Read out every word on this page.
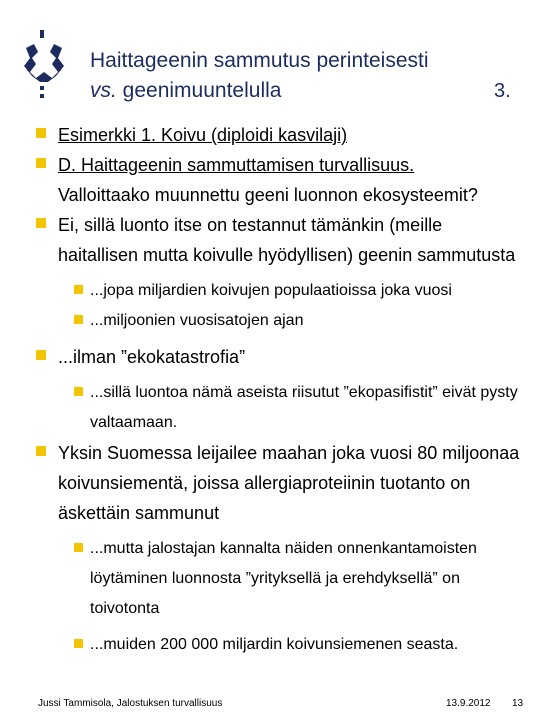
Haittageenin sammutus perinteisesti
vs. geenimuuntelulla	3.

Esimerkki 1. Koivu (diploidi kasvilaji)

D. Haittageenin sammuttamisen turvallisuus.
Valloittaako muunnettu geeni luonnon ekosysteemit?

Ei, sillä luonto itse on testannut tämänkin (meille haitallisen mutta koivulle hyödyllisen) geenin sammutusta

...jopa miljardien koivujen populaatioissa joka vuosi

...miljoonien vuosisatojen ajan

...ilman ”ekokatastrofia”

...sillä luontoa nämä aseista riisutut ”ekopasifistit” eivät pysty valtaamaan.

Yksin Suomessa leijailee maahan joka vuosi 80 miljoonaa koivunsiementä, joissa allergiaproteiinin tuotanto on äskettäin sammunut

...mutta jalostajan kannalta näiden onnenkantamoisten löytäminen luonnosta ”yrityksellä ja erehdyksellä” on toivotonta

...muiden 200 000 miljardin koivunsiemenen seasta.

Jussi Tammisola, Jalostuksen turvallisuus	13.9.2012 13
